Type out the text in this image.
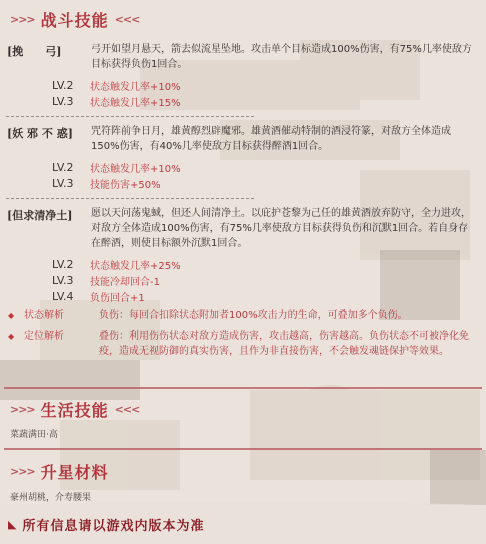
>>> 战斗技能 <<<
[挽　　弓]	弓开如望月悬天，箭去似流星坠地。攻击单个目标造成100%伤害，有75%几率使敌方目标获得负伤1回合。
LV.2	状态触发几率+10%
LV.3	状态触发几率+15%
[妖 邪 不 惑] 咒符阵前争日月，雄黄醇烈辟魔邪。雄黄酒催动特制的酒浸符篆，对敌方全体造成150%伤害，有40%几率使敌方目标获得醉酒1回合。
LV.2	状态触发几率+10%
LV.3	技能伤害+50%
[但求清净土] 愿以天问荡鬼蜮，但还人间清净土。以庇护苍黎为己任的雄黄酒放弃防守，全力进攻，对敌方全体造成100%伤害，有75%几率使敌方目标获得负伤和沉默1回合。若自身存在醉酒，则使目标额外沉默1回合。
LV.2	状态触发几率+25%
LV.3	技能冷却回合-1
LV.4	负伤回合+1
◆ 状态解析	负伤：每回合扣除状态附加者100%攻击力的生命，可叠加多个负伤。
◆ 定位解析	叠伤：利用伤伤状态对敌方造成伤害，攻击越高，伤害越高。负伤状态不可被净化免疫，造成无视防御的真实伤害，且作为非直接伤害，不会触发魂链保护等效果。
>>> 生活技能 <<<
菜蔬满田·高
>>> 升星材料
豪州胡桃，介寿腰果
◣ 所有信息请以游戏内版本为准
